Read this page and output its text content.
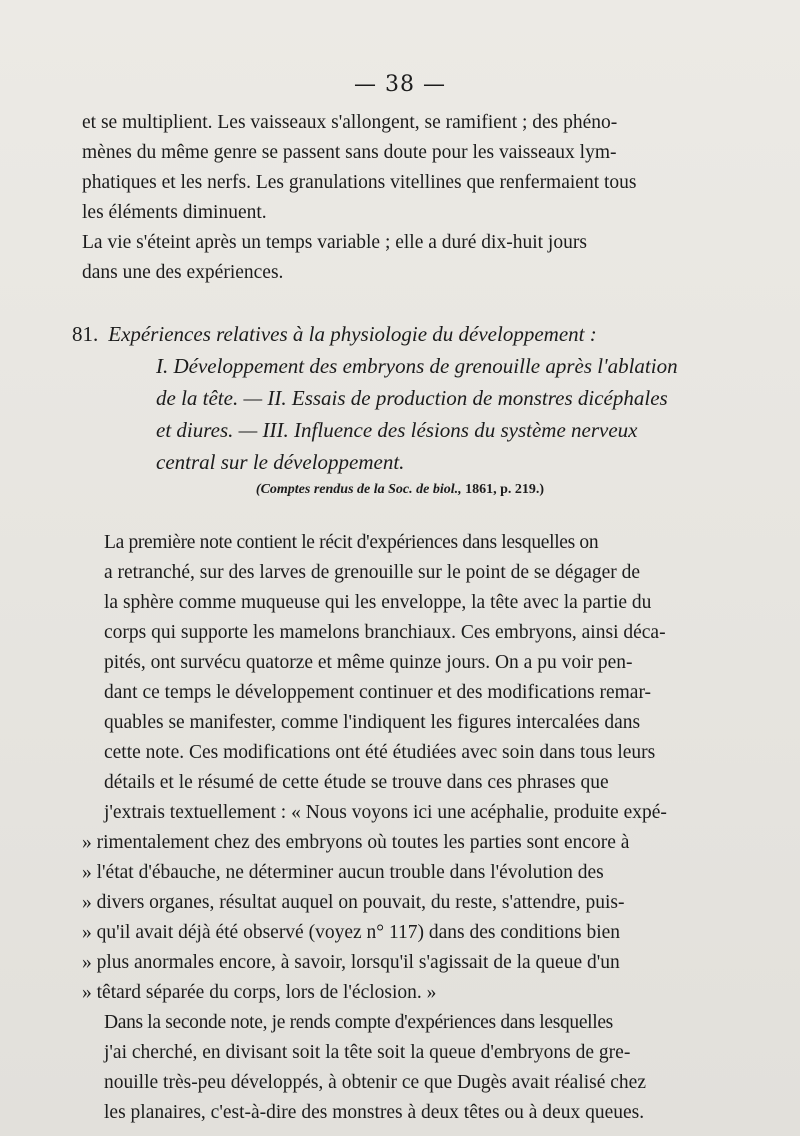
— 38 —

et se multiplient. Les vaisseaux s'allongent, se ramifient ; des phéno-
mènes du même genre se passent sans doute pour les vaisseaux lym-
phatiques et les nerfs. Les granulations vitellines que renfermaient tous
les éléments diminuent.

La vie s'éteint après un temps variable ; elle a duré dix-huit jours
dans une des expériences.

81. Expériences relatives à la physiologie du développement :
I. Développement des embryons de grenouille après l'ablation
de la tête. — II. Essais de production de monstres dicéphales
et diures. — III. Influence des lésions du système nerveux
central sur le développement.
(Comptes rendus de la Soc. de biol., 1861, p. 219.)

La première note contient le récit d'expériences dans lesquelles on
a retranché, sur des larves de grenouille sur le point de se dégager de
la sphère comme muqueuse qui les enveloppe, la tête avec la partie du
corps qui supporte les mamelons branchiaux. Ces embryons, ainsi déca-
pités, ont survécu quatorze et même quinze jours. On a pu voir pen-
dant ce temps le développement continuer et des modifications remar-
quables se manifester, comme l'indiquent les figures intercalées dans
cette note. Ces modifications ont été étudiées avec soin dans tous leurs
détails et le résumé de cette étude se trouve dans ces phrases que
j'extrais textuellement : « Nous voyons ici une acéphalie, produite expé-

» rimentalement chez des embryons où toutes les parties sont encore à
» l'état d'ébauche, ne déterminer aucun trouble dans l'évolution des
» divers organes, résultat auquel on pouvait, du reste, s'attendre, puis-
» qu'il avait déjà été observé (voyez n° 117) dans des conditions bien
» plus anormales encore, à savoir, lorsqu'il s'agissait de la queue d'un
» têtard séparée du corps, lors de l'éclosion. »

Dans la seconde note, je rends compte d'expériences dans lesquelles
j'ai cherché, en divisant soit la tête soit la queue d'embryons de gre-
nouille très-peu développés, à obtenir ce que Dugès avait réalisé chez
les planaires, c'est-à-dire des monstres à deux têtes ou à deux queues.
